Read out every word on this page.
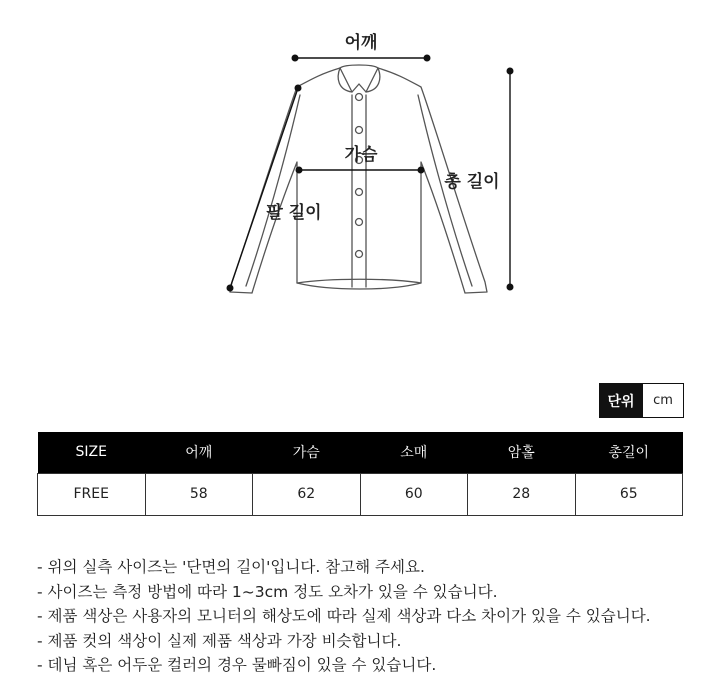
어깨
가슴
총 길이
팔 길이
단위	cm
SIZE	어깨	가슴	소매	암홀	총길이
FREE	58	62	60	28	65
- 위의 실측 사이즈는 '단면의 길이'입니다. 참고해 주세요.
- 사이즈는 측정 방법에 따라 1~3cm 정도 오차가 있을 수 있습니다.
- 제품 색상은 사용자의 모니터의 해상도에 따라 실제 색상과 다소 차이가 있을 수 있습니다.
- 제품 컷의 색상이 실제 제품 색상과 가장 비슷합니다.
- 데님 혹은 어두운 컬러의 경우 물빠짐이 있을 수 있습니다.
